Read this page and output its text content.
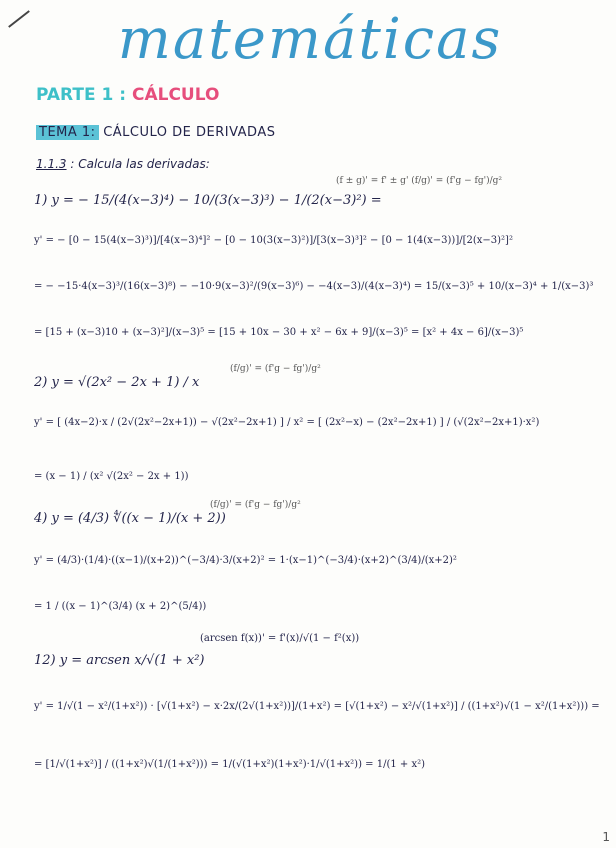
matemáticas
PARTE 1 : CÁLCULO
TEMA 1: CÁLCULO DE DERIVADAS
1.1.3 : Calcula las derivadas:
(f ± g)' = f' ± g' (f/g)' = (f'g − fg')/g²
1) y = − 15/(4(x−3)⁴) − 10/(3(x−3)³) − 1/(2(x−3)²) =
y' = − [0 − 15(4(x−3)³)]/[4(x−3)⁴]² − [0 − 10(3(x−3)²)]/[3(x−3)³]² − [0 − 1(4(x−3))]/[2(x−3)²]²
= − −15·4(x−3)³/(16(x−3)⁸) − −10·9(x−3)²/(9(x−3)⁶) − −4(x−3)/(4(x−3)⁴) = 15/(x−3)⁵ + 10/(x−3)⁴ + 1/(x−3)³
= [15 + (x−3)10 + (x−3)²]/(x−3)⁵ = [15 + 10x − 30 + x² − 6x + 9]/(x−3)⁵ = [x² + 4x − 6]/(x−3)⁵
(f/g)' = (f'g − fg')/g²
2) y = √(2x² − 2x + 1) / x
y' = [ (4x−2)·x / (2√(2x²−2x+1)) − √(2x²−2x+1) ] / x² = [ (2x²−x) − (2x²−2x+1) ] / (√(2x²−2x+1)·x²)
= (x − 1) / (x² √(2x² − 2x + 1))
(f/g)' = (f'g − fg')/g²
4) y = (4/3) ∜((x − 1)/(x + 2))
y' = (4/3)·(1/4)·((x−1)/(x+2))^(−3/4)·3/(x+2)² = 1·(x−1)^(−3/4)·(x+2)^(3/4)/(x+2)²
= 1 / ((x − 1)^(3/4) (x + 2)^(5/4))
(arcsen f(x))' = f'(x)/√(1 − f²(x))
12) y = arcsen x/√(1 + x²)
y' = 1/√(1 − x²/(1+x²)) · [√(1+x²) − x·2x/(2√(1+x²))]/(1+x²) = [√(1+x²) − x²/√(1+x²)] / ((1+x²)√(1 − x²/(1+x²))) =
= [1/√(1+x²)] / ((1+x²)√(1/(1+x²))) = 1/(√(1+x²)(1+x²)·1/√(1+x²)) = 1/(1 + x²)
1
